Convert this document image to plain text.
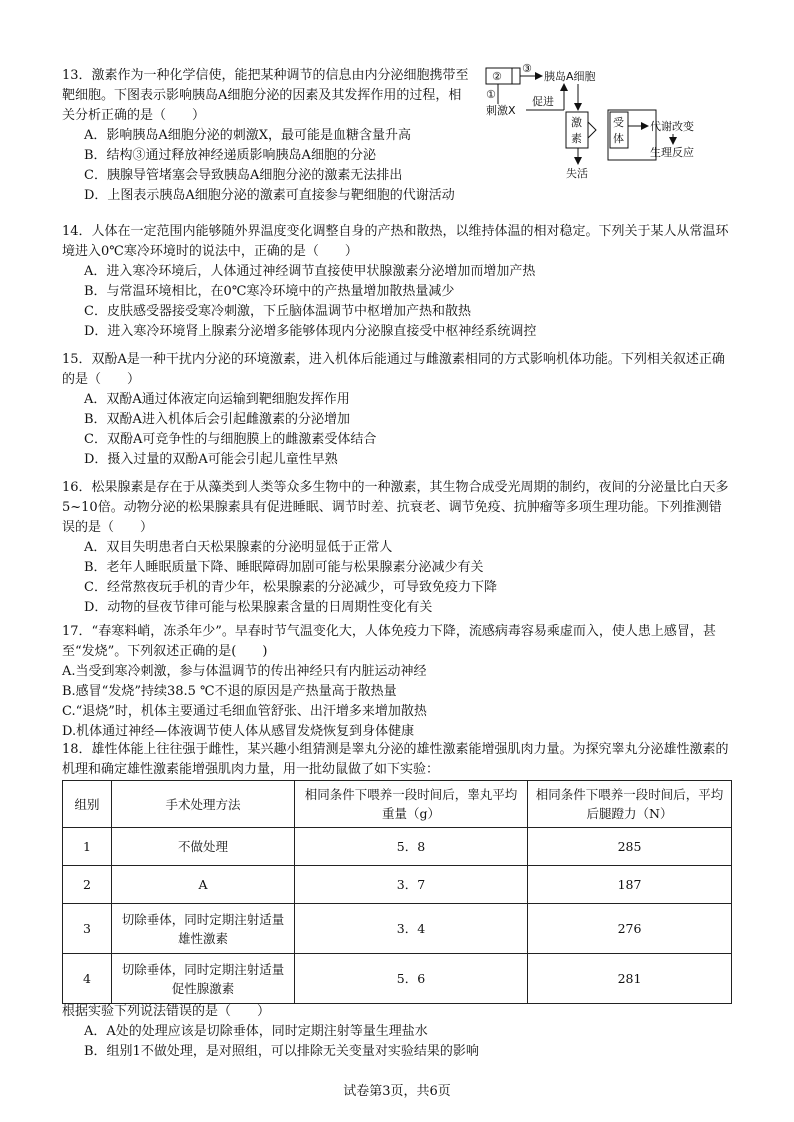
13．激素作为一种化学信使，能把某种调节的信息由内分泌细胞携带至靶细胞。下图表示影响胰岛A细胞分泌的因素及其发挥作用的过程，相关分析正确的是（　　）
A．影响胰岛A细胞分泌的刺激X，最可能是血糖含量升高
B．结构③通过释放神经递质影响胰岛A细胞的分泌
C．胰腺导管堵塞会导致胰岛A细胞分泌的激素无法排出
D．上图表示胰岛A细胞分泌的激素可直接参与靶细胞的代谢活动
②
③
胰岛A细胞
①
刺激X
促进
激
素
失活
受
体
代谢改变
生理反应
14．人体在一定范围内能够随外界温度变化调整自身的产热和散热，以维持体温的相对稳定。下列关于某人从常温环境进入0℃寒冷环境时的说法中，正确的是（　　）
A．进入寒冷环境后，人体通过神经调节直接使甲状腺激素分泌增加而增加产热
B．与常温环境相比，在0℃寒冷环境中的产热量增加散热量减少
C．皮肤感受器接受寒冷刺激，下丘脑体温调节中枢增加产热和散热
D．进入寒冷环境肾上腺素分泌增多能够体现内分泌腺直接受中枢神经系统调控
15．双酚A是一种干扰内分泌的环境激素，进入机体后能通过与雌激素相同的方式影响机体功能。下列相关叙述正确的是（　　）
A．双酚A通过体液定向运输到靶细胞发挥作用
B．双酚A进入机体后会引起雌激素的分泌增加
C．双酚A可竞争性的与细胞膜上的雌激素受体结合
D．摄入过量的双酚A可能会引起儿童性早熟
16．松果腺素是存在于从藻类到人类等众多生物中的一种激素，其生物合成受光周期的制约，夜间的分泌量比白天多5~10倍。动物分泌的松果腺素具有促进睡眠、调节时差、抗衰老、调节免疫、抗肿瘤等多项生理功能。下列推测错误的是（　　）
A．双目失明患者白天松果腺素的分泌明显低于正常人
B．老年人睡眠质量下降、睡眠障碍加剧可能与松果腺素分泌减少有关
C．经常熬夜玩手机的青少年，松果腺素的分泌减少，可导致免疫力下降
D．动物的昼夜节律可能与松果腺素含量的日周期性变化有关
17．“春寒料峭，冻杀年少”。早春时节气温变化大，人体免疫力下降，流感病毒容易乘虚而入，使人患上感冒，甚至“发烧”。下列叙述正确的是(　　)
A.当受到寒冷刺激，参与体温调节的传出神经只有内脏运动神经
B.感冒“发烧”持续38.5 ℃不退的原因是产热量高于散热量
C.“退烧”时，机体主要通过毛细血管舒张、出汗增多来增加散热
D.机体通过神经—体液调节使人体从感冒发烧恢复到身体健康
18．雄性体能上往往强于雌性，某兴趣小组猜测是睾丸分泌的雄性激素能增强肌肉力量。为探究睾丸分泌雄性激素的机理和确定雄性激素能增强肌肉力量，用一批幼鼠做了如下实验：
组别	手术处理方法	相同条件下喂养一段时间后，睾丸平均重量（g）	相同条件下喂养一段时间后，平均后腿蹬力（N）
1	不做处理	5．8	285
2	A	3．7	187
3	切除垂体，同时定期注射适量雄性激素	3．4	276
4	切除垂体，同时定期注射适量促性腺激素	5．6	281
根据实验下列说法错误的是（　　）
A．A处的处理应该是切除垂体，同时定期注射等量生理盐水
B．组别1不做处理，是对照组，可以排除无关变量对实验结果的影响
试卷第3页，共6页
